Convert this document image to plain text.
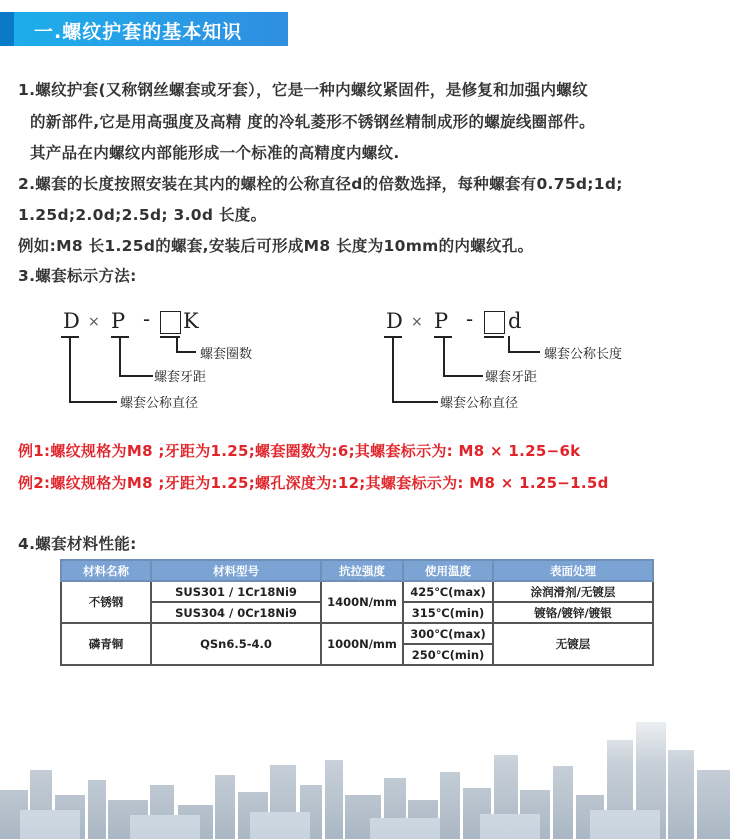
一.螺纹护套的基本知识
1.螺纹护套(又称钢丝螺套或牙套），它是一种内螺纹紧固件，是修复和加强内螺纹
的新部件,它是用高强度及高精 度的冷轧菱形不锈钢丝精制成形的螺旋线圈部件。
其产品在内螺纹内部能形成一个标准的高精度内螺纹.
2.螺套的长度按照安装在其内的螺栓的公称直径d的倍数选择，每种螺套有0.75d;1d;
1.25d;2.0d;2.5d; 3.0d 长度。
例如:M8 长1.25d的螺套,安装后可形成M8 长度为10mm的内螺纹孔。
3.螺套标示方法:
D × P - K
螺套圈数
螺套牙距
螺套公称直径
D × P - d
螺套公称长度
螺套牙距
螺套公称直径
例1:螺纹规格为M8 ;牙距为1.25;螺套圈数为:6;其螺套标示为: M8 × 1.25−6k
例2:螺纹规格为M8 ;牙距为1.25;螺孔深度为:12;其螺套标示为: M8 × 1.25−1.5d
4.螺套材料性能:
材料名称	材料型号	抗拉强度	使用温度	表面处理
不锈钢	SUS301 / 1Cr18Ni9	1400N/mm	425℃(max)	涂润滑剂/无镀层
	SUS304 / 0Cr18Ni9		315℃(min)	镀铬/镀锌/镀银
磷青铜	QSn6.5-4.0	1000N/mm	300℃(max)	无镀层
			250℃(min)	
